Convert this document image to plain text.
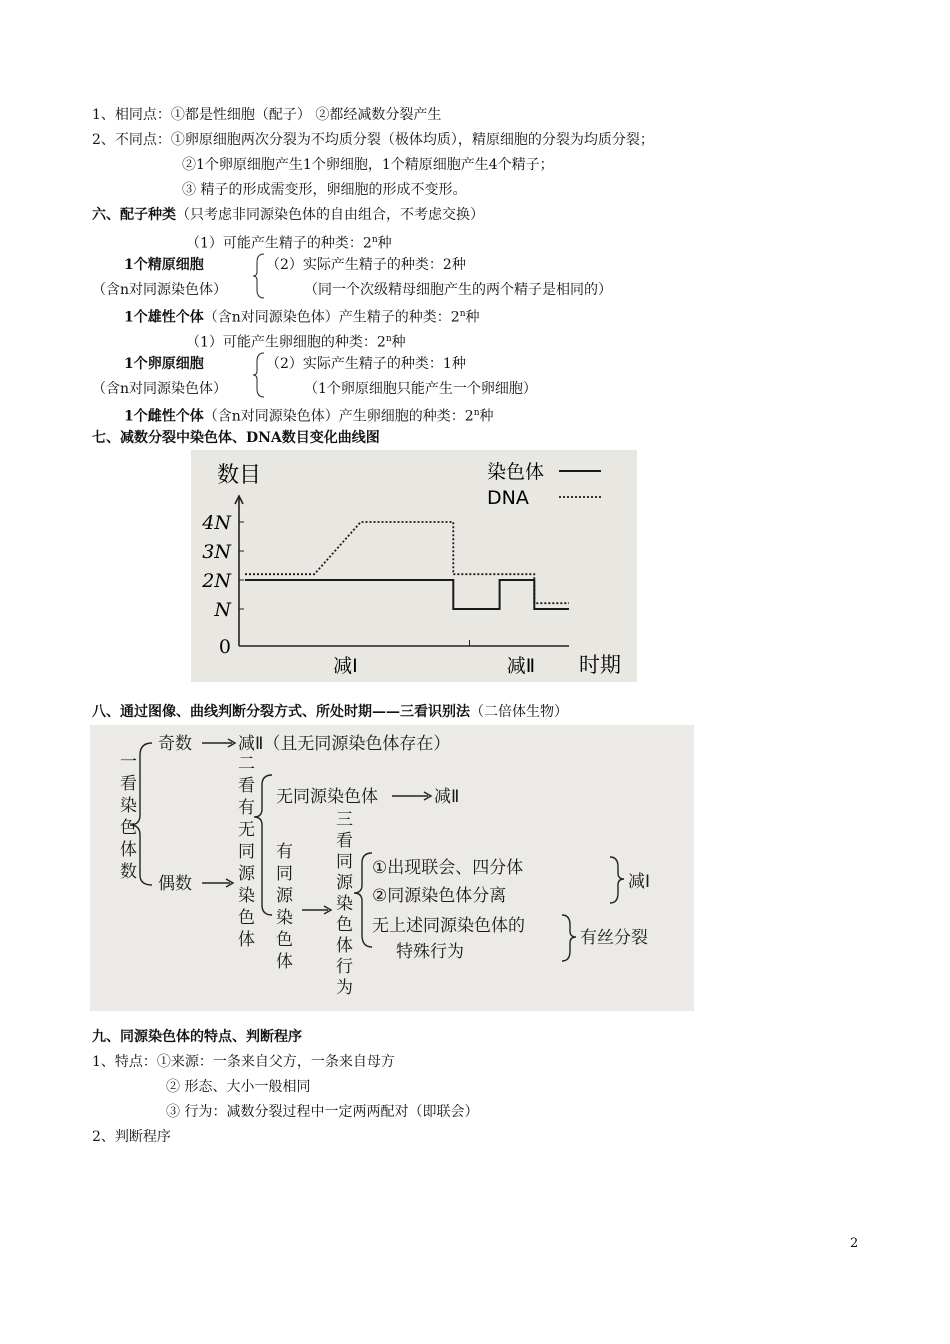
1、相同点：①都是性细胞（配子） ②都经减数分裂产生
2、不同点：①卵原细胞两次分裂为不均质分裂（极体均质），精原细胞的分裂为均质分裂；
②1个卵原细胞产生1个卵细胞，1个精原细胞产生4个精子；
③ 精子的形成需变形，卵细胞的形成不变形。
六、配子种类（只考虑非同源染色体的自由组合，不考虑交换）
（1）可能产生精子的种类：2$^n$种
1个精原细胞	（2）实际产生精子的种类：2种
（含n对同源染色体）	（同一个次级精母细胞产生的两个精子是相同的）
1个雄性个体（含n对同源染色体）产生精子的种类：2$^n$种
（1）可能产生卵细胞的种类：2$^n$种
1个卵原细胞	（2）实际产生精子的种类：1种
（含n对同源染色体）	（1个卵原细胞只能产生一个卵细胞）
1个雌性个体（含n对同源染色体）产生卵细胞的种类：2$^n$种
七、减数分裂中染色体、DNA数目变化曲线图
数目
时期
4N
3N
2N
N
0
减Ⅰ	减Ⅱ
染色体
DNA
八、通过图像、曲线判断分裂方式、所处时期——三看识别法（二倍体生物）
一
看
染
色
体
数
奇数	减Ⅱ（且无同源染色体存在）
偶数
二
看
有
无
同
源
染
色
体
无同源染色体	减Ⅱ
有
同
源
染
色
体
三
看
同
源
染
色
体
行
为
①出现联会、四分体
②同源染色体分离
减Ⅰ
无上述同源染色体的
特殊行为
有丝分裂
九、同源染色体的特点、判断程序
1、特点：①来源：一条来自父方，一条来自母方
② 形态、大小一般相同
③ 行为：减数分裂过程中一定两两配对（即联会）
2、判断程序
2
